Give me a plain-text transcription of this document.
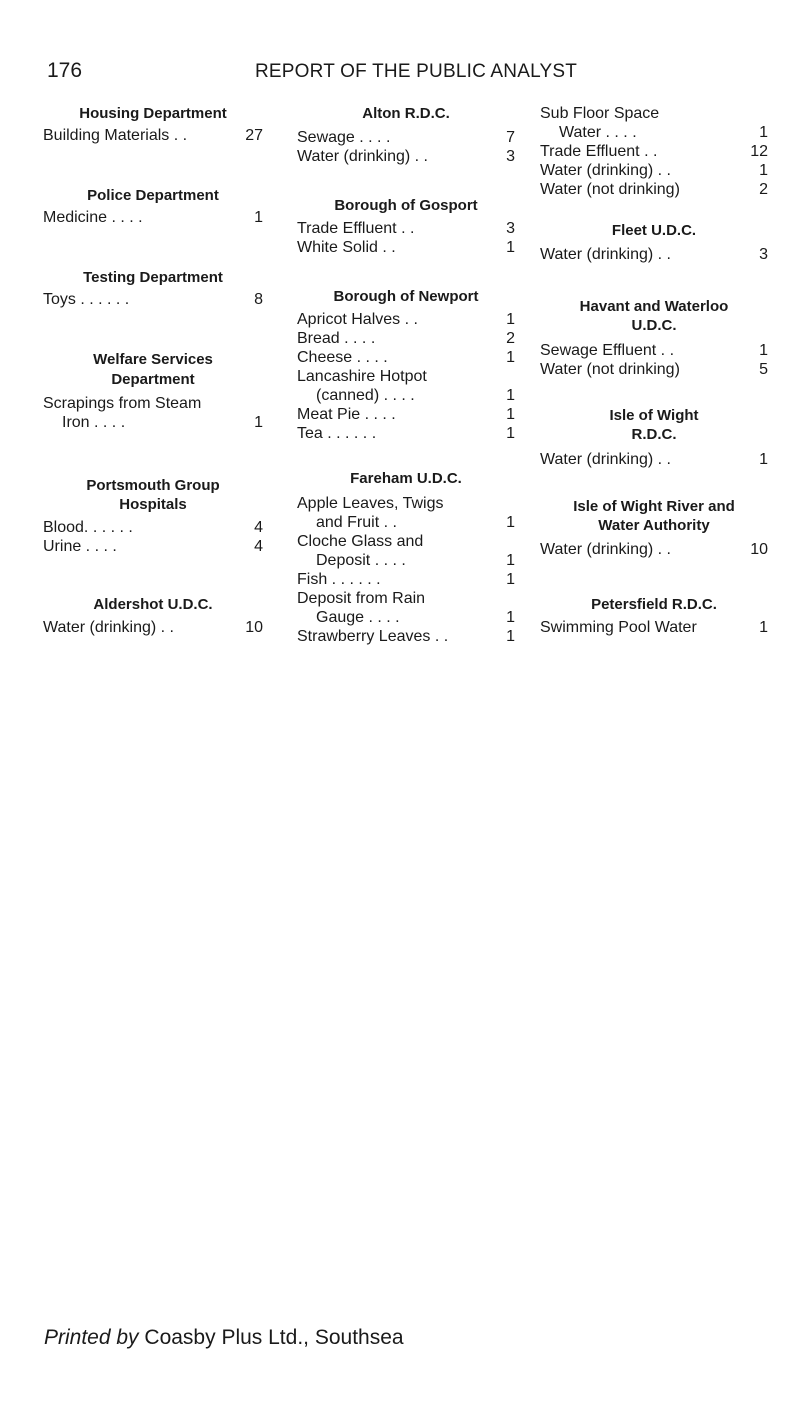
176	REPORT OF THE PUBLIC ANALYST
Housing Department
Building Materials . .	27
Police Department
Medicine . . . .	1
Testing Department
Toys . . . . . .	8
Welfare Services
Department
Scrapings from Steam
Iron . . . .	1
Portsmouth Group
Hospitals
Blood. . . . . .	4
Urine . . . .	4
Aldershot U.D.C.
Water (drinking) . .	10
Alton R.D.C.
Sewage . . . .	7
Water (drinking) . .	3
Borough of Gosport
Trade Effluent . .	3
White Solid . .	1
Borough of Newport
Apricot Halves . .	1
Bread . . . .	2
Cheese . . . .	1
Lancashire Hotpot
(canned) . . . .	1
Meat Pie . . . .	1
Tea . . . . . .	1
Fareham U.D.C.
Apple Leaves, Twigs
and Fruit . .	1
Cloche Glass and
Deposit . . . .	1
Fish . . . . . .	1
Deposit from Rain
Gauge . . . .	1
Strawberry Leaves . .	1
Sub Floor Space
Water . . . .	1
Trade Effluent . .	12
Water (drinking) . .	1
Water (not drinking)	2
Fleet U.D.C.
Water (drinking) . .	3
Havant and Waterloo
U.D.C.
Sewage Effluent . .	1
Water (not drinking)	5
Isle of Wight
R.D.C.
Water (drinking) . .	1
Isle of Wight River and
Water Authority
Water (drinking) . .	10
Petersfield R.D.C.
Swimming Pool Water	1
Printed by Coasby Plus Ltd., Southsea
